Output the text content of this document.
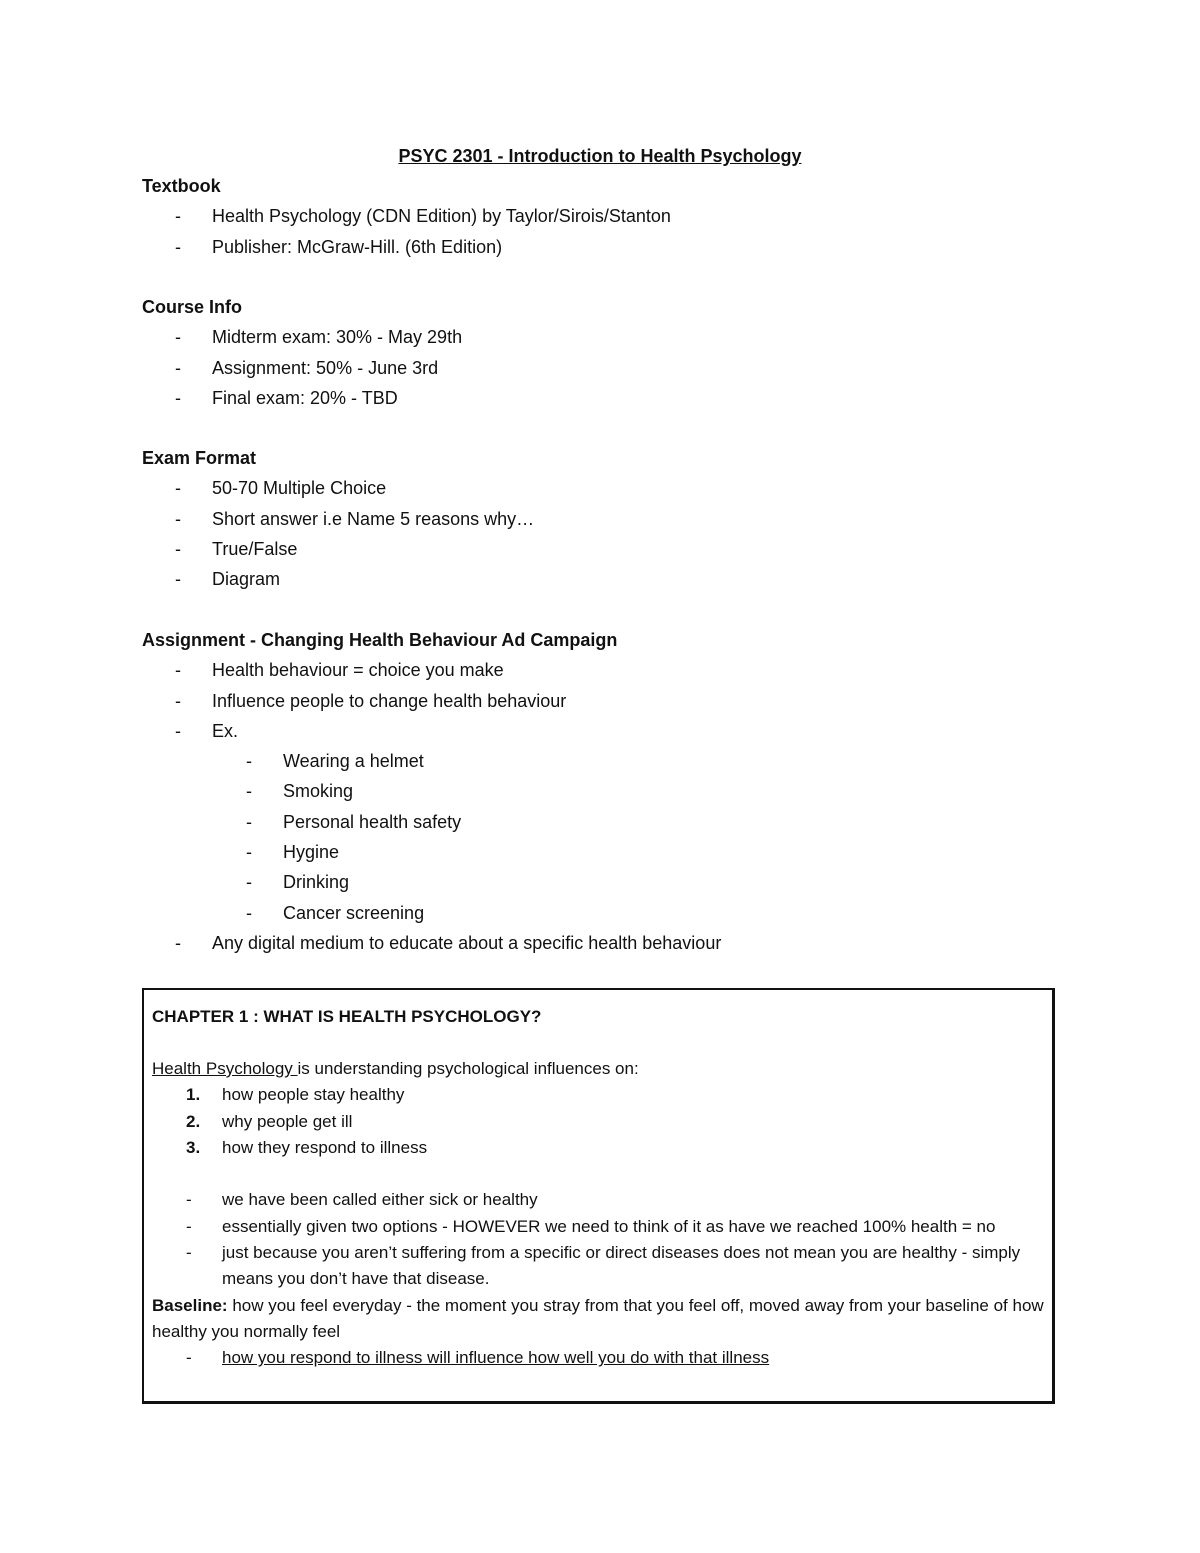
PSYC 2301 - Introduction to Health Psychology
Textbook
- Health Psychology (CDN Edition) by Taylor/Sirois/Stanton
- Publisher: McGraw-Hill. (6th Edition)
Course Info
- Midterm exam: 30% - May 29th
- Assignment: 50% - June 3rd
- Final exam: 20% - TBD
Exam Format
- 50-70 Multiple Choice
- Short answer i.e Name 5 reasons why…
- True/False
- Diagram
Assignment - Changing Health Behaviour Ad Campaign
- Health behaviour = choice you make
- Influence people to change health behaviour
- Ex.
- Wearing a helmet
- Smoking
- Personal health safety
- Hygine
- Drinking
- Cancer screening
- Any digital medium to educate about a specific health behaviour
CHAPTER 1 : WHAT IS HEALTH PSYCHOLOGY?
Health Psychology is understanding psychological influences on:
1. how people stay healthy
2. why people get ill
3. how they respond to illness
- we have been called either sick or healthy
- essentially given two options - HOWEVER we need to think of it as have we reached 100% health = no
- just because you aren’t suffering from a specific or direct diseases does not mean you are healthy - simply means you don’t have that disease.
Baseline: how you feel everyday - the moment you stray from that you feel off, moved away from your baseline of how healthy you normally feel
- how you respond to illness will influence how well you do with that illness
